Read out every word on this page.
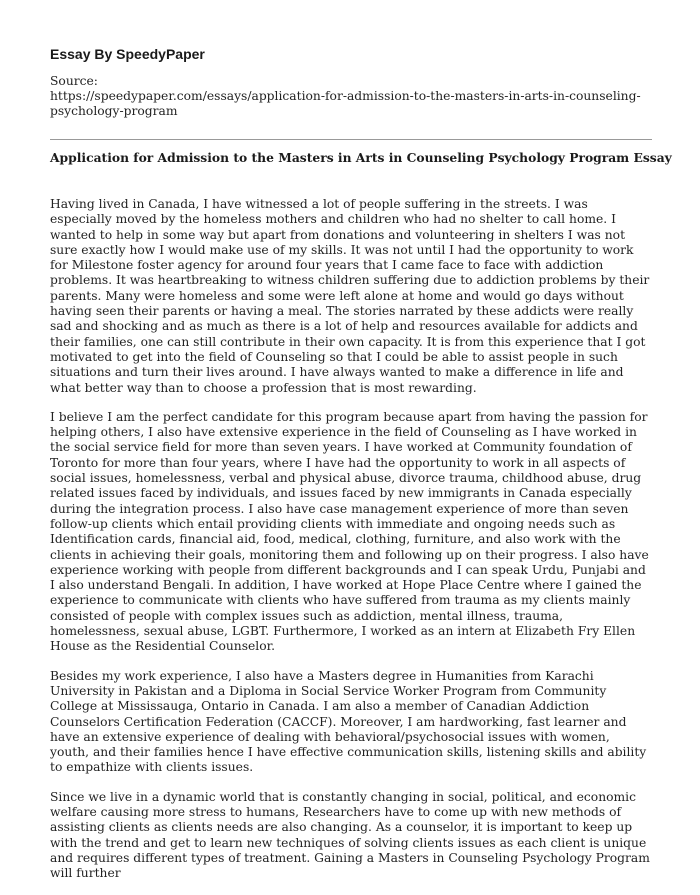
Essay By SpeedyPaper
Source:
https://speedypaper.com/essays/application-for-admission-to-the-masters-in-arts-in-counseling-psychology-program
Application for Admission to the Masters in Arts in Counseling Psychology Program Essay

Having lived in Canada, I have witnessed a lot of people suffering in the streets. I was especially moved by the homeless mothers and children who had no shelter to call home. I wanted to help in some way but apart from donations and volunteering in shelters I was not sure exactly how I would make use of my skills. It was not until I had the opportunity to work for Milestone foster agency for around four years that I came face to face with addiction problems. It was heartbreaking to witness children suffering due to addiction problems by their parents. Many were homeless and some were left alone at home and would go days without having seen their parents or having a meal. The stories narrated by these addicts were really sad and shocking and as much as there is a lot of help and resources available for addicts and their families, one can still contribute in their own capacity. It is from this experience that I got motivated to get into the field of Counseling so that I could be able to assist people in such situations and turn their lives around. I have always wanted to make a difference in life and what better way than to choose a profession that is most rewarding.

I believe I am the perfect candidate for this program because apart from having the passion for helping others, I also have extensive experience in the field of Counseling as I have worked in the social service field for more than seven years. I have worked at Community foundation of Toronto for more than four years, where I have had the opportunity to work in all aspects of social issues, homelessness, verbal and physical abuse, divorce trauma, childhood abuse, drug related issues faced by individuals, and issues faced by new immigrants in Canada especially during the integration process. I also have case management experience of more than seven follow-up clients which entail providing clients with immediate and ongoing needs such as Identification cards, financial aid, food, medical, clothing, furniture, and also work with the clients in achieving their goals, monitoring them and following up on their progress. I also have experience working with people from different backgrounds and I can speak Urdu, Punjabi and I also understand Bengali. In addition, I have worked at Hope Place Centre where I gained the experience to communicate with clients who have suffered from trauma as my clients mainly consisted of people with complex issues such as addiction, mental illness, trauma, homelessness, sexual abuse, LGBT. Furthermore, I worked as an intern at Elizabeth Fry Ellen House as the Residential Counselor.

Besides my work experience, I also have a Masters degree in Humanities from Karachi University in Pakistan and a Diploma in Social Service Worker Program from Community College at Mississauga, Ontario in Canada. I am also a member of Canadian Addiction Counselors Certification Federation (CACCF). Moreover, I am hardworking, fast learner and have an extensive experience of dealing with behavioral/psychosocial issues with women, youth, and their families hence I have effective communication skills, listening skills and ability to empathize with clients issues.

Since we live in a dynamic world that is constantly changing in social, political, and economic welfare causing more stress to humans, Researchers have to come up with new methods of assisting clients as clients needs are also changing. As a counselor, it is important to keep up with the trend and get to learn new techniques of solving clients issues as each client is unique and requires different types of treatment. Gaining a Masters in Counseling Psychology Program will further
